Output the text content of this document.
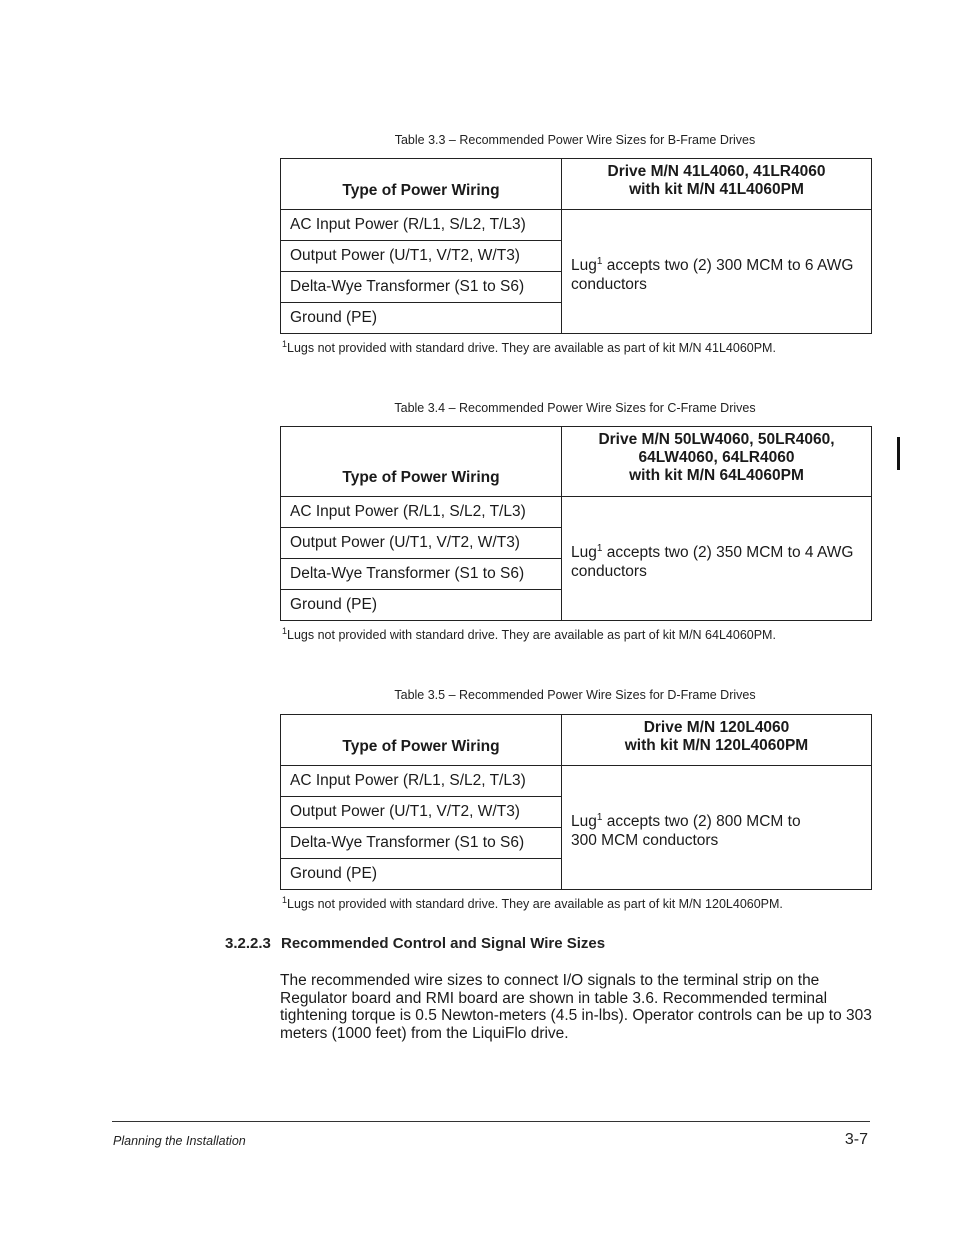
Table 3.3 – Recommended Power Wire Sizes for B-Frame Drives
Type of Power Wiring	Drive M/N 41L4060, 41LR4060
with kit M/N 41L4060PM

AC Input Power (R/L1, S/L2, T/L3)	Lug$^1$ accepts two (2) 300 MCM to 6 AWG conductors
Output Power (U/T1, V/T2, W/T3)	
Delta-Wye Transformer (S1 to S6)	
Ground (PE)	
$^1$Lugs not provided with standard drive. They are available as part of kit M/N 41L4060PM.
Table 3.4 – Recommended Power Wire Sizes for C-Frame Drives
Type of Power Wiring	Drive M/N 50LW4060, 50LR4060,
64LW4060, 64LR4060
with kit M/N 64L4060PM

AC Input Power (R/L1, S/L2, T/L3)	Lug$^1$ accepts two (2) 350 MCM to 4 AWG conductors
Output Power (U/T1, V/T2, W/T3)	
Delta-Wye Transformer (S1 to S6)	
Ground (PE)	
$^1$Lugs not provided with standard drive. They are available as part of kit M/N 64L4060PM.
Table 3.5 – Recommended Power Wire Sizes for D-Frame Drives
Type of Power Wiring	Drive M/N 120L4060
with kit M/N 120L4060PM

AC Input Power (R/L1, S/L2, T/L3)	Lug$^1$ accepts two (2) 800 MCM to 300 MCM conductors
Output Power (U/T1, V/T2, W/T3)	
Delta-Wye Transformer (S1 to S6)	
Ground (PE)	
$^1$Lugs not provided with standard drive. They are available as part of kit M/N 120L4060PM.
3.2.2.3 Recommended Control and Signal Wire Sizes
The recommended wire sizes to connect I/O signals to the terminal strip on the Regulator board and RMI board are shown in table 3.6. Recommended terminal tightening torque is 0.5 Newton-meters (4.5 in-lbs). Operator controls can be up to 303 meters (1000 feet) from the LiquiFlo drive.
Planning the Installation	3-7
